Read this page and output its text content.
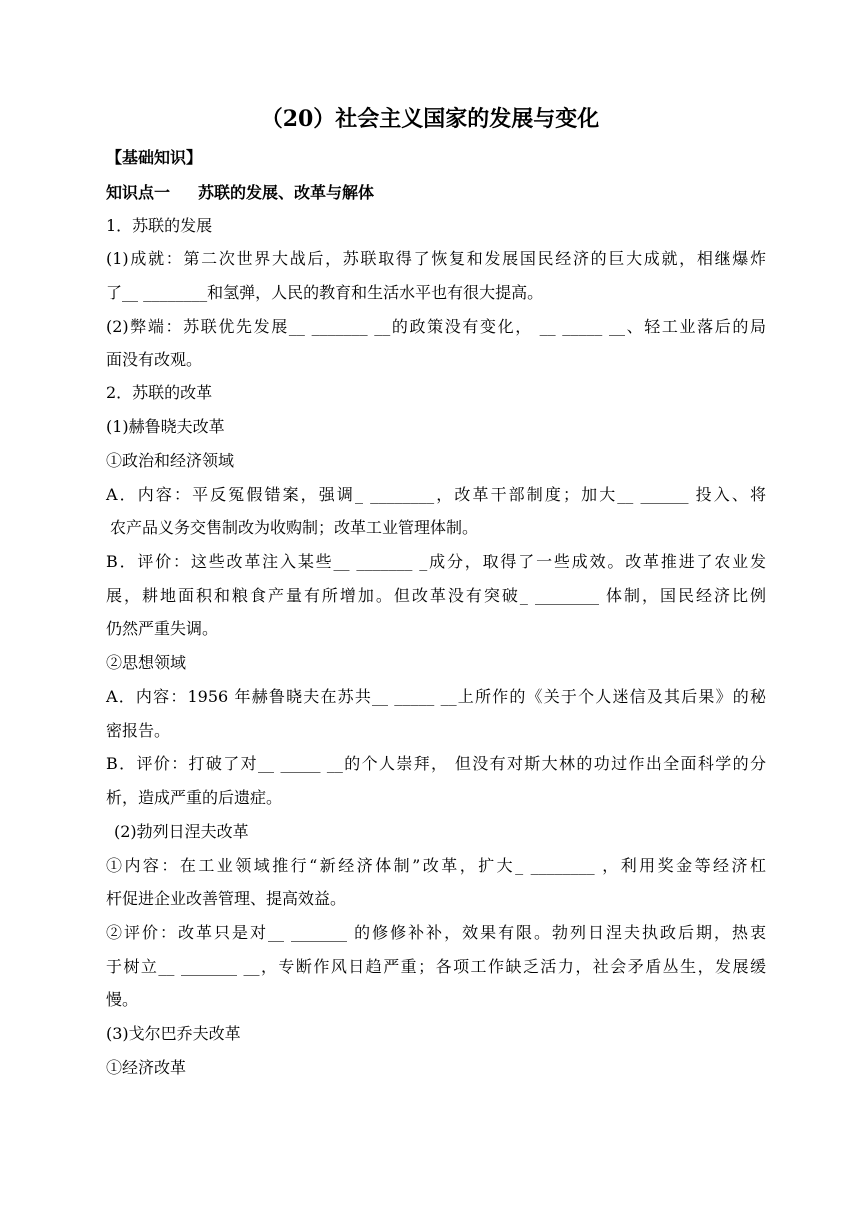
（20）社会主义国家的发展与变化
【基础知识】
知识点一 苏联的发展、改革与解体
1．苏联的发展
(1)成就：第二次世界大战后，苏联取得了恢复和发展国民经济的巨大成就，相继爆炸
了__ ________和氢弹，人民的教育和生活水平也有很大提高。
(2)弊端：苏联优先发展__ _______ __的政策没有变化， __ _____ __、轻工业落后的局
面没有改观。
2．苏联的改革
(1)赫鲁晓夫改革
①政治和经济领域
A．内容：平反冤假错案，强调_ ________，改革干部制度；加大__ ______ 投入、将
农产品义务交售制改为收购制；改革工业管理体制。
B．评价：这些改革注入某些__ _______ _成分，取得了一些成效。改革推进了农业发
展，耕地面积和粮食产量有所增加。但改革没有突破_ ________ 体制，国民经济比例
仍然严重失调。
②思想领域
A．内容：1956 年赫鲁晓夫在苏共__ _____ __上所作的《关于个人迷信及其后果》的秘
密报告。
B．评价：打破了对__ _____ __的个人崇拜， 但没有对斯大林的功过作出全面科学的分
析，造成严重的后遗症。
(2)勃列日涅夫改革
①内容：在工业领域推行“新经济体制”改革，扩大_ ________ ，利用奖金等经济杠
杆促进企业改善管理、提高效益。
②评价：改革只是对__ _______ 的修修补补，效果有限。勃列日涅夫执政后期，热衷
于树立__ _______ __，专断作风日趋严重；各项工作缺乏活力，社会矛盾丛生，发展缓
慢。
(3)戈尔巴乔夫改革
①经济改革
